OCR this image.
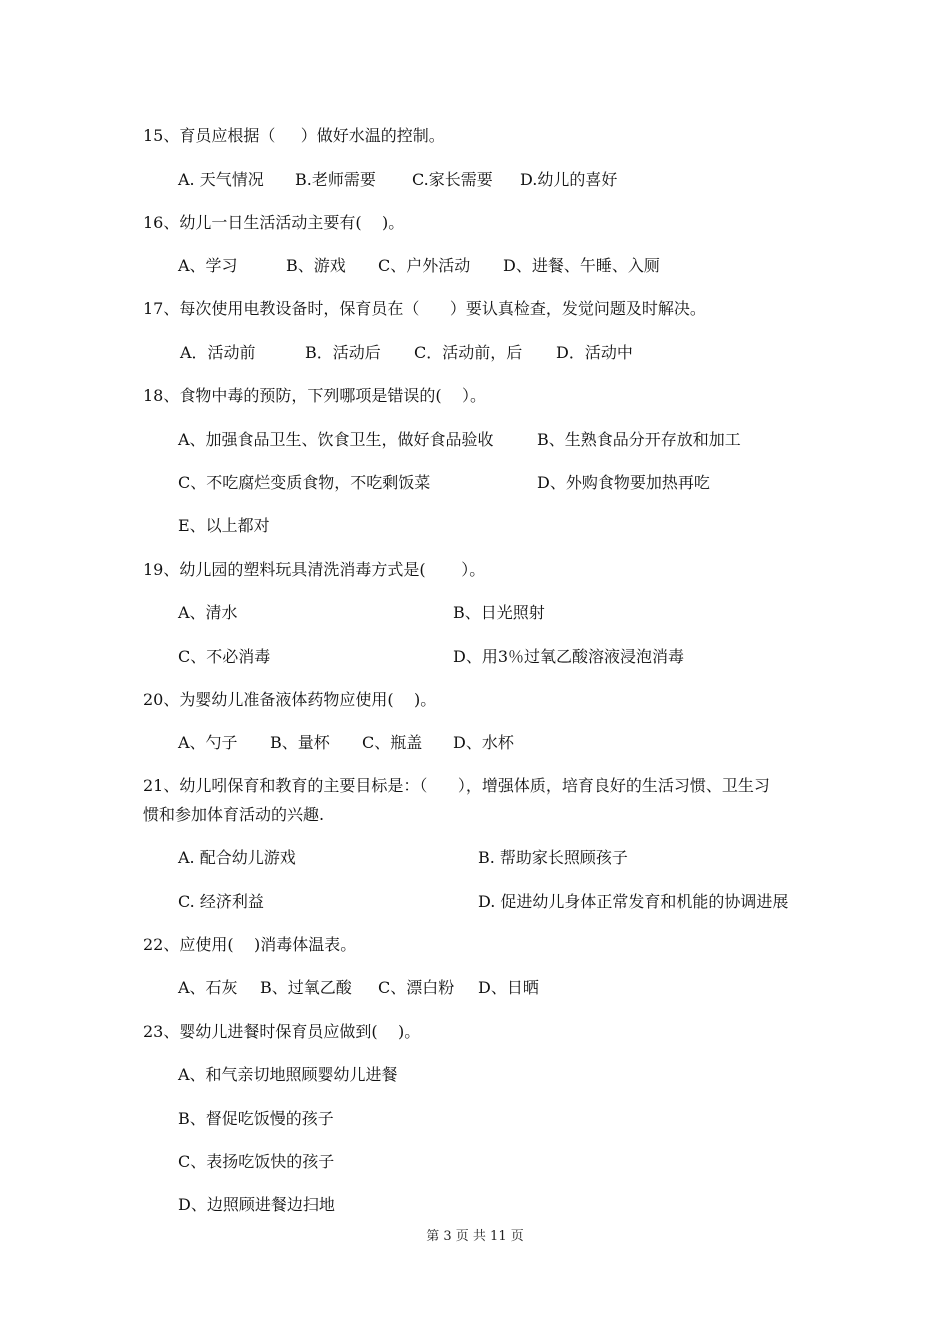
15、育员应根据（     ）做好水温的控制。
A. 天气情况 B.老师需要 C.家长需要 D.幼儿的喜好
16、幼儿一日生活活动主要有(    )。
A、学习	B、游戏 C、户外活动 D、进餐、午睡、入厕
17、每次使用电教设备时，保育员在（      ）要认真检查，发觉问题及时解决。
A．活动前	B．活动后 C．活动前，后 D．活动中
18、食物中毒的预防，下列哪项是错误的(    ）。
A、加强食品卫生、饮食卫生，做好食品验收	B、生熟食品分开存放和加工
C、不吃腐烂变质食物，不吃剩饭菜	D、外购食物要加热再吃
E、以上都对
19、幼儿园的塑料玩具清洗消毒方式是(       ）。
A、清水	B、日光照射
C、不必消毒	D、用3％过氧乙酸溶液浸泡消毒
20、为婴幼儿准备液体药物应使用(    )。
A、勺子 B、量杯 C、瓶盖 D、水杯
21、幼儿吲保育和教育的主要目标是：（      ），增强体质，培育良好的生活习惯、卫生习
惯和参加体育活动的兴趣.
A. 配合幼儿游戏	B. 帮助家长照顾孩子
C. 经济利益	D. 促进幼儿身体正常发育和机能的协调进展
22、应使用(    )消毒体温表。
A、石灰 B、过氧乙酸 C、漂白粉 D、日晒
23、婴幼儿进餐时保育员应做到(    )。
A、和气亲切地照顾婴幼儿进餐
B、督促吃饭慢的孩子
C、表扬吃饭快的孩子
D、边照顾进餐边扫地
第 3 页 共 11 页
